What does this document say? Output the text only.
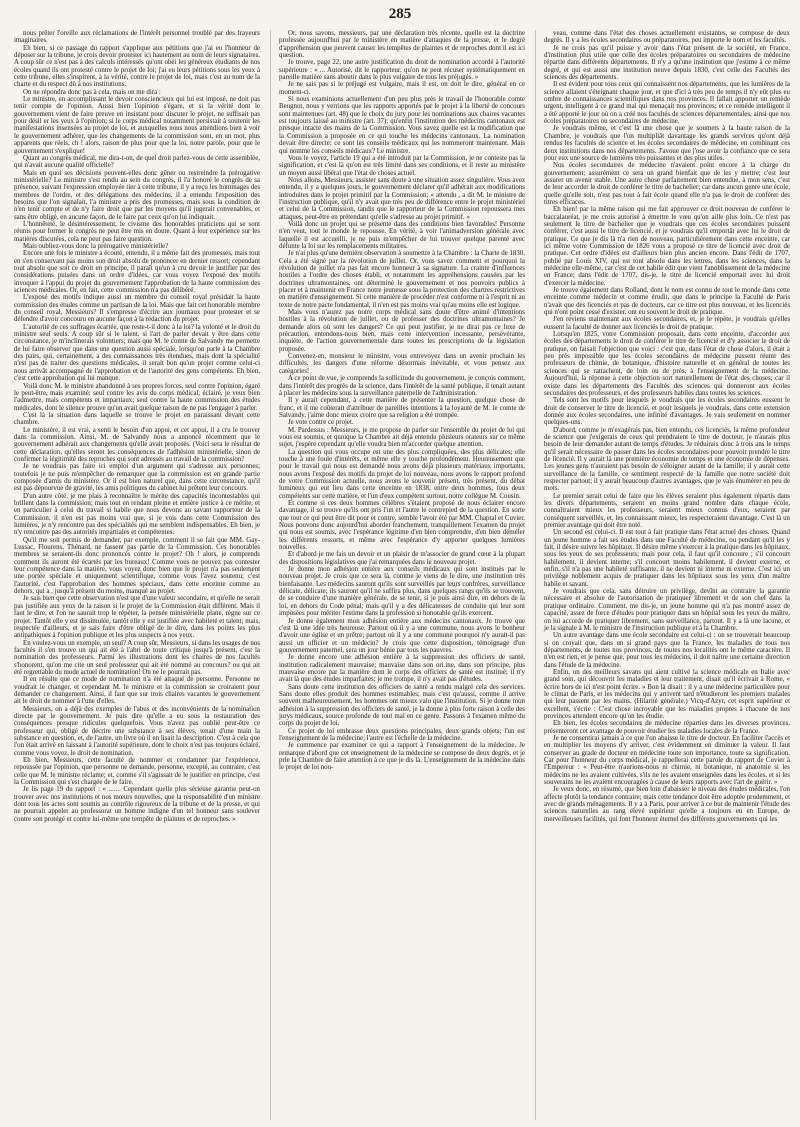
285

nous prêter l'oreille aux réclamations de l'intérêt personnel troublé par des frayeurs imaginaires.

Eh bien, si ce passage du rapport s'applique aux pétitions que j'ai eu l'honneur de déposer sur la tribune, je crois devoir protester ici hautement au nom de leurs signataires. A coup sûr ce n'est pas à des calculs intéressés qu'ont obéi les généreux étudiants de nos écoles quand ils ont protesté contre le projet de loi; j'ai eu leurs pétitions sous les yeux à cette tribune, elles s'inspirent, à la vérité, contre le projet de loi, mais c'est au nom de la charte et du respect dû à nos institutions.

On ne répondra donc pas à cela, mais on me dira :

Le ministre, en accomplissant le devoir consciencieux qui lui est imposé, ne doit pas tenir compte de l'opinion. Aussi bien l'opinion s'égare, et si la vérité dont le gouvernement vient de faire preuve en insistant pour discuter le projet, ne suffisait pas pour désil er les yeux à l'opinion; si le corps médical notamment persistait à soutenir les manifestations insensées au projet de loi, et auxquelles nous nous attendions bien à voir le gouvernement adhérer, que les changements de la commission sont, en un mot, plus apparents que réels, ch ! alors, raison de plus pour que la loi, notre parole, pour que le gouvernement s'explique!

Quant au congrès médical, me dira-t-on, de quel droit parlez-vous de cette assemblée, qui n'avait aucune qualité officielle?

Mais en quoi ses décisions peuvent-elles donc gêner ou restreindre la prérogative ministérielle? Le ministre s'est rendu au sein du congrès, il l'a honoré le congrès de sa présence, suivant l'expression employée tier à cette tribune, il y a reçu les hommages des membres de l'ordre, et des délégations des médecins, il a entendu l'exposition des besoins que l'on signalait, l'a ministre a pris des promesses, mais sous la condition de n'en tenir compte et de n'y faire droit que par les moyens qu'il jugerait convenables, et sans être obligé, en aucune façon, de le faire par ceux qu'on lui indiquait.

L'honnêteté, le désintéressement, le civisme des honorables praticiens qui se sont réunis pour former le congrès ne peut être mis en doute. Quant à leur expérience sur les matières discutées, cela ne peut pas faire question.

Mais oubliez-vous donc la prérogative ministérielle?

Encore une fois le ministre a écouté, entendu, il a même fait des promesses, mais tout en s'en conservant pas moins son droit absolu de prononcer en dernier ressort; cependant tout absolu que soit ce droit en principe, il paraît qu'un à cru devoir le justifier par des considérations puisées dans un ordre d'idées, car vous voyez l'exposé des motifs invoquer à l'appui du projet du gouvernement l'approbation de la haute commission des sciences médicales. Or, en fait, cette commission n'a pas délibéré.

L'exposé des motifs indique aussi un membre du conseil royal présidait la haute commission des études comme un partisan de la loi. Mais que fait cet honorable membre du conseil royal, Messieurs? Il s'empresse d'écrire aux journaux pour protester et se défendre d'avoir concouru en aucune façon à la rédaction du projet.

L'autorité de ces suffrages écartée, que reste-t-il donc à la loi? la volonté et le droit du ministre seul seuls. A coup sûr si le talent, si l'art de parler devait y être dans cette circonstance, je m'inclinerais volontiers; mais que M. le comte de Salvandy me permette de lui faire observer que dans une question aussi spéciale, lorsqu'on parle à la Chambre des pairs, qui, certainement, a des connaissances très étendues, mais dont la spécialité n'est pas de traiter des questions médicales, il serait bon qu'un projet comme celui-ci nous arrivât accompagné de l'approbation et de l'autorité des gens compétents. Eh bien, c'est cette approbation qui lui manque.

Voilà donc M. le ministre abandonné à ses propres forces, seul contre l'opinion, égaré le peut-être, mais examiné; seul contre les avis du corps médical, éclairé, je veux bien l'admettre, mais compétents et impartiaux; seul contre la haute commission des études médicales, dont le silence prouve qu'un avait quelque raison de ne pas l'engager à parler.

C'est là la situation dans laquelle se trouve le projet en paraissant devant cette chambre.

Le ministère, il est vrai, a senti le besoin d'un appui, et cet appui, il a cru le trouver dans la commission. Ainsi, M. de Salvandy nous a annoncé récemment que le gouvernement adhérait aux changements qu'elle avait proposés. (Voici sera le résultat de cette déclaration, qu'elles seront les conséquences de l'adhésion ministérielle, sinon de confirmer la légitimité des reproches qui sont adressés au travail de la commission?

Je ne voudrais pas faire ici emploi d'un argument qui s'adresse aux personnes; toutefois je ne puis m'empêcher de remarquer que la commission est en grande partie composée d'amis du ministère. Or il est bien naturel que, dans cette circonstance, qu'il est pas dépourvue de gravité, les amis politiques du cabinet lui prêtent leur concours.

D'un autre côté, je me plais à reconnaître le mérite des capacités incontestables qui brillent dans la commission; mais tout en rendant pleine et entière justice à ce mérite, et en particulier à celui du travail si habile que nous devons au savant rapporteur de la Commission, il n'en est pas moins vrai que, si je vois dans cette Commission des lumières, je n'y rencontre pas des spécialités qui me semblent indispensables. Eh bien, je n'y rencontre pas des autorités impartiales et compétentes.

Qu'il me soit permis de demander, par exemple, comment il se fait que MM. Gay-Lussac, Flourens, Thénard, ne fassent pas partie de la Commission. Ces honorables membres se seraient-ils donc prononcés contre le projet? Oh ! alors, je comprends comment ils auront été écartés par les bureaux! Comme vous ne pouvez pas contester leur compétence dans la matière, vous voyez donc bien que le projet n'a pas seulement une portée spéciale et uniquement scientifique, comme vous l'avez soutenu; c'est l'autorité, c'est l'approbation des hommes spéciaux, dans cette enceinte comme au dehors, qui a , jusqu'à présent du moins, manqué au projet.

Je sais bien que cette observation n'est que d'une valeur secondaire, et qu'elle ne serait pas justifiée aux yeux de la raison si le projet de la Commission était différent. Mais il faut le dire, et l'on ne saurait trop le répéter, la pensée ministérielle plane, règne sur ce projet. Tantôt elle y est dissimulée, tantôt elle y est justifiée avec habileté et talent; mais, respectée d'ailleurs, et je sais faire d'être obligé de le dire, dans les points les plus antipathiques à l'opinion publique et les plus suspects à nos yeux.

En voulez-vous un exemple, un seul? A coup sûr, Messieurs, si dans les usages de nos facultés il s'en trouve un qui ait été à l'abri de toute critique jusqu'à présent, c'est la nomination des professeurs. Parmi les illustrations dont les chaires de nos facultés s'honorent, qu'on me cite un seul professeur qui ait été nommé au concours? ou qui ait été regrettable du mode actuel de nomination! On ne le pourrait pas.

Il en résulte que ce mode de nomination n'a été attaqué de personne. Personne ne voudrait le changer, et cependant M. le ministre et la commission se croiraient pour demander ce changement. Ainsi, il faut que sur trois chaires vacantes le gouvernement ait le droit de nommer à l'une d'elles.

Messieurs, on a déjà des exemples de l'abus et des inconvénients de la nomination directe par le gouvernement. Je puis dire qu'elle a eu sous la restauration des conséquences presque ridicules quelquefois. Vous n'avez pas oublié peut-être ce professeur qui, obligé de décrire une substance à ses élèves, tenait d'une main la substance en question, et, de l'autre, un livre où il en lisait la description. C'est à cela que l'on était arrivé en laissant à l'autorité supérieure, dont le choix n'est pas toujours éclairé, comme vous voyez, le droit de nomination.

Eh bien, Messieurs, cette faculté de nommer et condamner par l'expérience, repoussée par l'opinion, que personne ne demande, personne, excepté, au contraire, c'est celle que M. le ministre réclame; et, comme s'il s'agissait de le justifier en principe, c'est la Commission qui s'est chargée de le faire.

Je lis page 19 du rapport : « ....... Cependant quelle plus sérieuse garantie peut-on trouver avec nos institutions et nos mœurs nouvelles, que la responsabilité d'un ministre dont tous les actes sont soumis au contrôle rigoureux de la tribune et de la presse, et qui ne pourrait appeler au professorat un homme indigne d'un tel honneur sans soulever contre son protégé et contre lui-même une tempête de plaintes et de reproches. »

Or, nous savons, messieurs, par une déclaration très récente, quelle est la doctrine professée aujourd'hui par le ministère en matière d'attaques de la presse, et le degré d'appréhension que peuvent causer les tempêtes de plaintes et de reproches dont il est ici question.

Je trouve, page 22, une autre justification du droit de nomination accordé à l'autorité supérieure : « ... Autorisé, dit le rapporteur, qu'on ne peut récuser systématiquement en pareille matière sans aboutir dans le plus vulgaire de tous les préjugés. »

Je ne sais pas si le préjugé est vulgaire, mais il est, on doit le dire, général en ce moment-ci.

Si nous examinions actuellement d'un peu plus près le travail de l'honorable comte Beugnot, nous y verrions que les rapports apportés par le projet à la liberté de concours sont maintenues (art. 48) que le choix du jury pour les nominations aux chaires vacantes est toujours laissé au ministre (art. 37); qu'enfin l'institution des médecins cantonaux est presque intacte des mains de la Commission. Vous savez quelle est la modification que la Commission a proposée en ce qui touche les médecins cantonaux. La nomination devait être directe; ce sont les conseils médicaux qui les nommeront maintenant. Mais qui nomme les conseils médicaux? Le ministre.

Vous le voyez, l'article 19 qui a été introduit par la Commission, je ne conteste pas la signification, et c'est là qu'on est très limité dans ses conditions, et il reste au ministère un moyen aussi libéral que l'état de choses actuel.

Nous allons, Messieurs, assister sans doute à une situation assez singulière. Vous avez entendu, il y a quelques jours, le gouvernement déclarer qu'il adhérait aux modifications introduites dans le projet primitif par la Commission; « attendu , a dit M. le ministre de l'instruction publique, qu'il n'y avait que très peu de différence entre le projet ministériel et celui de la Commission, tandis que le rapporteur de la Commission repoussera mes attaques, peut-être en prétendant qu'elle s'adresse au projet primitif. »

Voilà donc un projet qui se présente dans des conditions bien favorables! Personne n'en veut, tout le monde le repousse. En vérité, à voir l'animadversion générale avec laquelle il est accueilli, je ne puis m'empêcher de lui trouver quelque parenté avec défunte la loi sur les remplacements militaires.

Je n'ai plus qu'une dernière observation à soumettre à la Chambre : la Charte de 1830. Cela a été signé par la révolution de juillet. Or, vous savez comment et pourquoi la révolution de juillet n'a pas fait encore honneur à sa signature. La crainte d'influences hostiles a l'ordre des choses établi, et notamment les appréhensions causées par les doctrines ultramontaines, ont déterminé le gouvernement et nos pouvoirs publics à placer et à maintenir en France notre jeunesse sous la protection des chartres restrictives en matière d'enseignement. Si cette manière de procéder n'est conforme ni à l'esprit ni au texte de notre pacte fondamental, il n'en est pas moins vrai qu'au moins elle est logique.

Mais vous n'aurez pas notre corps médical sans doute d'être animé d'intentions hostiles à la révolution de juillet, ou de professer des doctrines ultramontaines? Je demande alors où sont les dangers? Ce qui peut justifier, je ne dirai pas ce luxe de précaution, entendons-nous bien, mais cette intervention incessante, persévérante, inquiète, de l'action gouvernementale dans toutes les prescriptions de la législation proposée.

Convenez-en, monsieur le ministre, vous entrevoyez dans un avenir prochain les difficultés, les dangers d'une réforme désormais inévitable, et vous pensez aux catégories!

A ce point de vue, je comprends la sollicitude du gouvernement, je conçois comment, dans l'intérêt des progrès de la science, dans l'intérêt de la santé publique, il tenait autant à placer les médecins sous la surveillance paternelle de l'administration.

Il y aurait cependant, à cette manière de présenter la question, quelque chose de franc, et il me coûterait d'attribuer de pareilles intentions à la loyauté de M. le comte de Salvandy, j'aime donc mieux croire que sa religion a été trompée.

Je vote contre ce projet.

M. Pardessus : Messieurs, je me propose de parler sur l'ensemble du projet de loi qui vous est soumis, et quoique la Chambre ait déjà entendu plusieurs orateurs sur ce même sujet, j'espère cependant qu'elle voudra bien m'accorder quelque attention.

La question qui vous occupe est une des plus compliquées, des plus délicates; elle touche à une foule d'intérêts, et même elle y touche profondément. Heureusement que pour le travail qui nous est demandé nous avons déjà plusieurs matériaux importants, nous avons l'exposé des motifs du projet de loi nouveau, nous avons le rapport profond de votre Commission actuelle, nous avons le souvenir présent, très présent, du débat lumineux qui eut lieu dans cette enceinte en 1838, entre deux hommes, tous deux compétents sur cette matière, et l'un d'eux compétent surtout, notre collègue M. Cousin.

Et comme si ces deux hommes célèbres s'étaient proposé de nous éclairer encore davantage, il se trouve qu'ils ont pris l'un et l'autre le contrepied de la question. En sorte que tout ce qui peut être dit pour et contre, semble l'avoir été par MM. Chaptal et Cuvier. Nous pouvons donc aujourd'hui aborder franchement, tranquillement l'examen du projet qui nous est soumis, avec l'espérance légitime d'en bien comprendre, d'en bien déméler les différents ressorts, et même avec l'espérance d'y apporter quelques lumières nouvelles.

Et d'abord je me fais un devoir et un plaisir de m'associer de grand cœur à la plupart des dispositions législatives que j'ai remarquées dans le nouveau projet.

Je donne mon adhésion entière aux conseils médicaux qui sont institués par le nouveau projet. Je crois que ce sera là, comme je viens de le dire, une institution très bienfaisante. Les médecins sauront qu'ils sont surveillés par leurs confrères, surveillance délicate, délicate; ils sauront qu'il ne suffira plus, dans quelques rangs qu'ils se trouvent, de se conduire d'une manière générale, de se tenir, si je puis ainsi dire, en dehors de la loi, en dehors du Code pénal; mais qu'il y a des délicatesses de conduite qui leur sont imposées pour mériter l'estime dans la profession si honorable qu'ils exercent.

Je donne également mon adhésion entière aux médecins cantonaux. Je trouve que c'est là une idée très heureuse. Partout où il y a une commune, nous avons le bonheur d'avoir une église et un prêtre; partout où il y a une commune pourquoi n'y aurait-il pas aussi un officier et un médecin? Je crois que cette disposition, témoignage d'un gouvernement paternel, sera un jour bénie par tous les pauvres.

Je donne encore une adhésion entière à la suppression des officiers de santé, institution radicalement mauvaise; mauvaise dans son ori.ine, dans son principe, plus mauvaise encore par la manière dont le corps des officiers de santé est institué; il n'y avait là que des études imparfaites; je me trompe, il n'y avait pas d'études.

Sans doute cette institution des officiers de santé a rendu malgré cela des services. Sans doute elles produit des hommes estimables; mais c'est qu'aussi, comme il arrive souvent malheureusement, les hommes ont mieux valu que l'institution. Si je donne mon adhésion à la suppression des officiers de santé, je la donne à plus forte raison à celle des jurys médicaux, source profonde de tout mal en ce genre. Passons à l'examen même du corps du projet de loi.

Ce projet de loi embrasse deux questions principales, deux grands objets; l'un est l'enseignement de la médecine; l'autre est l'échelle de la médecine.

Je commence par examiner ce qui a rapport à l'enseignement de la médecine. Je remarque d'abord que cet enseignement de la médecine se compose de deux degrés, et je prie la Chambre de faire attention à ce que je dis là. L'enseignement de la médecine dans le projet de loi nou-

veau, comme dans l'état des choses actuellement existantes, se compose de deux degrés. Il y a les écoles secondaires ou préparatoires, peu importe le nom et les facultés.

Je ne crois pas qu'il puisse y avoir dans l'état présent de la société, en France, d'institution plus utile que celle des écoles préparatoires ou secondaires de médecine répartie dans différents départements. Il n'y a qu'une institution que j'estime à ce même degré, et qui est aussi une institution neuve depuis 1830, c'est celle des Facultés des sciences des départements.

Il est évident pour tous ceux qui connaissent nos départements, que les lumières de la science allaient s'éteignant chaque jour, et que d'ici à très peu de temps il n'y eût plus eu ombre de connaissances scientifiques dans nos provinces. Il fallait apporter un remède urgent, intelligent à ce grand mal qui menaçait nos provinces; et ce remède intelligent il a été apporté le jour où on a créé nos facultés de sciences départementales, ainsi que nos écoles préparatoires ou secondaires de médecine.

Je voudrais même, et c'est là une chose que je soumets à la haute raison de la Chambre, je voudrais que l'on multipliât davantage les grands services qu'ont déjà rendus les facultés de science et les écoles secondaires de médecine, en combinant ces deux institutions dans nos départements. J'avoue que j'ose avoir la confiance que ce sera pour eux une source de lumières très puissantes et des plus utiles.

Nos écoles secondaires de médecine n'avaient point encore à la charge du gouvernement; assurément ce sera un grand bienfait que de les y mettre; c'est leur assurer un avenir stable. Une autre chose parfaitement bien entendue, à mon sens, c'est de leur accorder le droit de conférer le titre de bachelier; car dans aucun genre une école, quelle qu'elle soit, n'est pas tout à fait école quand elle n'a pas le droit de conférer des titres efficaces.

Eh bien! par la même raison qui me fait approuver ce droit nouveau de conférer le baccalauréat, je me crois autorisé à émettre le vœu qu'on aille plus loin. Ce n'est pas seulement le titre de bachelier que je voudrais que ces écoles secondaires puissent conférer, c'est aussi le titre de licencié, et je voudrais qu'il emportât avec lui le droit de pratique. Ce que je dis là n'a rien de nouveau, particulièrement dans cette enceinte, car ici même votre Commission de 1826 vous a proposé ce titre de licencié avec droit de pratique. Cet ordre d'idées est d'ailleurs bien plus ancien encore. Dans l'édit de 1707, publié par Louis XIV, qui est tout absolu dans les lettres, dans les sciences, dans la médecine elle-même, car c'est de cet habile édit que vient l'anoblissement de la médecine en France; dans l'édit de 1707, dis-je, le titre de licencié emportait avec lui droit d'exercer la médecine.

Je trouve également dans Rolland, dont le nom est connu de tout le monde dans cette enceinte comme médecin et comme érudit, que dans le principe la Faculté de Paris n'avait que des licenciés et pas de docteurs, car ce titre est plus nouveau, et les licenciés qui n'ont point cessé d'exister, ont eu souvent le droit de pratique.

J'en reviens maintenant aux écoles secondaires, et, je le répète, je voudrais qu'elles eussent la faculté de donner aux licenciés le droit de pratique.

Lorsqu'en 1825, votre Commission proposait, dans cette enceinte, d'accorder aux écoles des départements le droit de conférer le titre de licencié et d'y associer le droit de pratique, on faisait l'objection que voici : c'est que, dans l'état de chose d'alors, il était à peu près impossible que les écoles secondaires de médecine pussent réunir des professeurs de chimie, de botanique, d'histoire naturelle et en général de toutes les sciences qui se rattachent, de loin ou de près, à l'enseignement de la médecine. Aujourd'hui, la réponse à cette objection sort naturellement de l'état des choses; car il existe dans les départements des Facultés des sciences qui donneront aux écoles secondaires des professeurs, et des professeurs habiles dans toutes les sciences.

Tels sont les motifs pour lesquels je voudrais que les écoles secondaires eussent le droit de conserver le titre de licencié, et pour lesquels je voudrais, dans cette extension donnée aux écoles secondaires, une infinité d'avantages. Je vais seulement en nommer quelques-uns.

D'abord, comme je m'exagérais pas, bien entendu, ces licenciés, la même profondeur de science que j'exigerais de ceux qui prendraient le titre de docteur, je n'aurais plus besoin de leur demander autant de temps d'études. Je réduirais donc à trois ans le temps qu'il serait nécessaire de passer dans les écoles secondaires pour pouvoir prendre le titre de licencié. Il y aurait là une première économie de temps et une économie de dépenses. Les jeunes gens n'auraient pas besoin de s'éloigner autant de la famille; il y aurait cette surveillance de la famille, ce sentiment respecté de la famille que notre société doit respecter partout; il y aurait beaucoup d'autres avantages, que je vais énumérer en peu de mots.

Le premier serait celui de faire que les élèves seraient plus également répartis dans les divers départements, seraient en moins grand nombre dans chaque école, connaîtraient mieux les professeurs, seraient mieux connus d'eux, seraient par conséquent surveillés, et, les connaissant mieux, les respecteraient davantage. C'est là un premier avantage qui doit être noté.

Un second est celui-ci. Il est tout à fait pratique dans l'état actuel des choses. Quand un jeune homme a fait ses études dans une Faculté de médecine, ou pendant qu'il les y fait, il désire suivre les hôpitaux. Il désire même s'exercer à la pratique dans les hôpitaux, sous les yeux de ses professeurs; mais pour cela, il faut qu'il concoure ; s'il concourt habilement, il devient interne; s'il concourt moins habilement, il devient externe, et enfin, s'il n'a pas une habileté suffisante, il ne devient ni interne ni externe. C'est ici un privilège noblement acquis de pratiquer dans les hôpitaux sous les yeux d'un maître habile et savant.

Je voudrais que cela, sans détruire un privilège, devînt au contraire la garantie nécessaire et absolue de l'autorisation de pratiquer librement et de son chef dans la pratique ordinaire. Comment, me dis-je, un jeune homme qui n'a pas montré assez de capacité, assez de force d'études pour pratiquer dans un hôpital sous les yeux du maître, on lui accorde de pratiquer librement, sans surveillance, partout. Il y a là une lacune, et je la signale à M. le ministre de l'instruction publique et à la Chambre.

Un autre avantage dans une école secondaire est celui-ci : on se trouverait beaucoup si on croyait que, dans un si grand pays que la France, les maladies de tous nos départements, de toutes nos provinces, de toutes nos localités ont le même caractère. Il n'en est rien, et je pense que, pour tous les médecins, il doit naître une certaine direction dans l'étude de la médecine.

Enfin, un des meilleurs savans qui aient cultivé la science médicale en Italie avec grand soin, qui découvrit les maladies et leur traitement, disait qu'il écrivait à Rome, « écrire hors de ici n'est point écrire. » Bon là disait : il y a une médecine particulière pour le climat de Paris, et les médecins qui y arrivent tard n'étudieront les premiers malades qui leur passent par les mains. (Hilarité générale.) Vicq-d'Azyr, cet esprit supérieur et excellent, s'écrie : C'est chose incroyable que les maladies propres à chacune de nos provinces attendent encore qu'on les étudie.

Eh bien, les écoles secondaires de médecine réparties dans les diverses provinces, présenteront cet avantage de pouvoir étudier les maladies locales de la France.

Je ne consentirai jamais à ce que l'on abaisse le titre de docteur. En faciliter l'accès et en multiplier les moyens d'y arriver, c'est évidemment en diminuer la valeur. Il faut conserver au grade de docteur en médecine toute son importance, toute sa signification. Car pour l'honneur du corps médical, je rappellerai cette parole du rapport de Cuvier à l'Empereur : « Peut-être n'aurions-nous ni chimie, ni botanique, ni anatomie si les médecins ne les avaient cultivées, s'ils ne les avaient enseignées dans les écoles, et si les souverains ne les avaient encouragées à cause de leurs rapports avec l'art de guérir. »

Je veux donc, en résumé, que bien loin d'abaisser le niveau des études médicales, l'on affecte plutôt la tendance contraire; mais cette tendance doit être adoptée prudemment, et avec de grands ménagements. Il y a à Paris, pour arriver à ce but de maintenir l'étude des sciences naturelles au rang élevé supérieur qu'elle a toujours eu en Europe, de merveilleuses facilités, qui font l'honneur éternel des différens gouvernemens qui les
